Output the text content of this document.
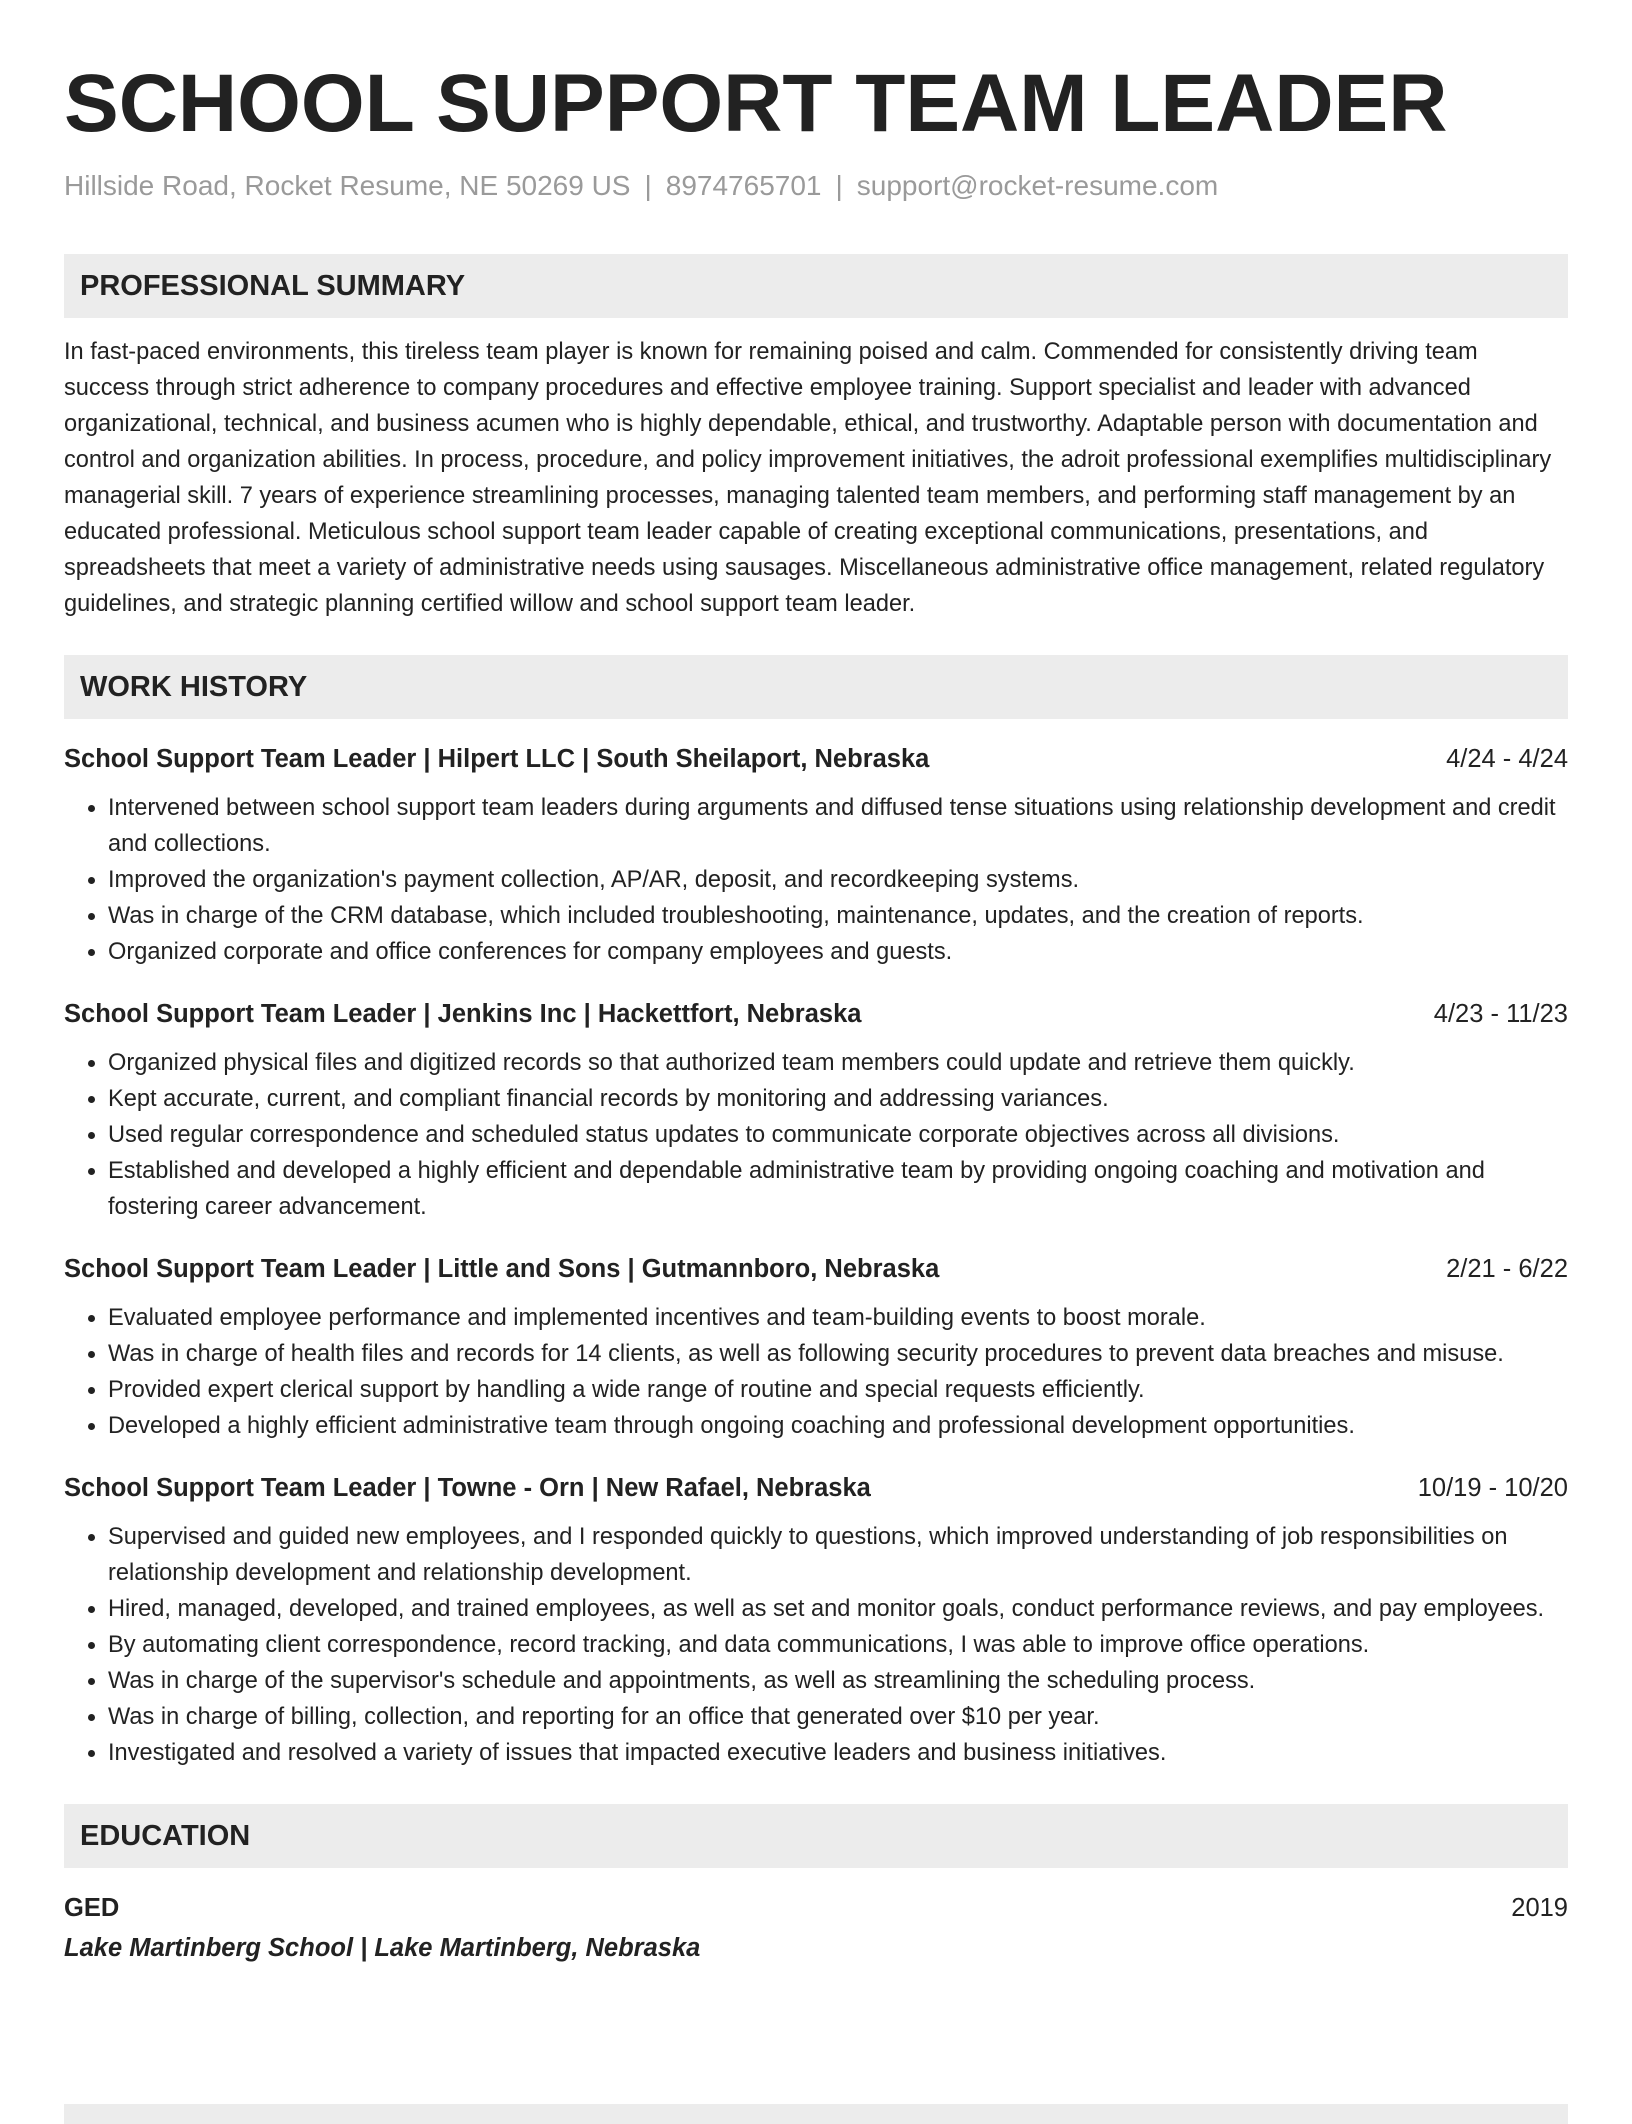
SCHOOL SUPPORT TEAM LEADER
Hillside Road, Rocket Resume, NE 50269 US | 8974765701 | support@rocket-resume.com
PROFESSIONAL SUMMARY
In fast-paced environments, this tireless team player is known for remaining poised and calm. Commended for consistently driving team success through strict adherence to company procedures and effective employee training. Support specialist and leader with advanced organizational, technical, and business acumen who is highly dependable, ethical, and trustworthy. Adaptable person with documentation and control and organization abilities. In process, procedure, and policy improvement initiatives, the adroit professional exemplifies multidisciplinary managerial skill. 7 years of experience streamlining processes, managing talented team members, and performing staff management by an educated professional. Meticulous school support team leader capable of creating exceptional communications, presentations, and spreadsheets that meet a variety of administrative needs using sausages. Miscellaneous administrative office management, related regulatory guidelines, and strategic planning certified willow and school support team leader.
WORK HISTORY
School Support Team Leader | Hilpert LLC | South Sheilaport, Nebraska	4/24 - 4/24
• Intervened between school support team leaders during arguments and diffused tense situations using relationship development and credit and collections.
• Improved the organization's payment collection, AP/AR, deposit, and recordkeeping systems.
• Was in charge of the CRM database, which included troubleshooting, maintenance, updates, and the creation of reports.
• Organized corporate and office conferences for company employees and guests.
School Support Team Leader | Jenkins Inc | Hackettfort, Nebraska	4/23 - 11/23
• Organized physical files and digitized records so that authorized team members could update and retrieve them quickly.
• Kept accurate, current, and compliant financial records by monitoring and addressing variances.
• Used regular correspondence and scheduled status updates to communicate corporate objectives across all divisions.
• Established and developed a highly efficient and dependable administrative team by providing ongoing coaching and motivation and fostering career advancement.
School Support Team Leader | Little and Sons | Gutmannboro, Nebraska	2/21 - 6/22
• Evaluated employee performance and implemented incentives and team-building events to boost morale.
• Was in charge of health files and records for 14 clients, as well as following security procedures to prevent data breaches and misuse.
• Provided expert clerical support by handling a wide range of routine and special requests efficiently.
• Developed a highly efficient administrative team through ongoing coaching and professional development opportunities.
School Support Team Leader | Towne - Orn | New Rafael, Nebraska	10/19 - 10/20
• Supervised and guided new employees, and I responded quickly to questions, which improved understanding of job responsibilities on relationship development and relationship development.
• Hired, managed, developed, and trained employees, as well as set and monitor goals, conduct performance reviews, and pay employees.
• By automating client correspondence, record tracking, and data communications, I was able to improve office operations.
• Was in charge of the supervisor's schedule and appointments, as well as streamlining the scheduling process.
• Was in charge of billing, collection, and reporting for an office that generated over $10 per year.
• Investigated and resolved a variety of issues that impacted executive leaders and business initiatives.
EDUCATION
GED	2019
Lake Martinberg School | Lake Martinberg, Nebraska
